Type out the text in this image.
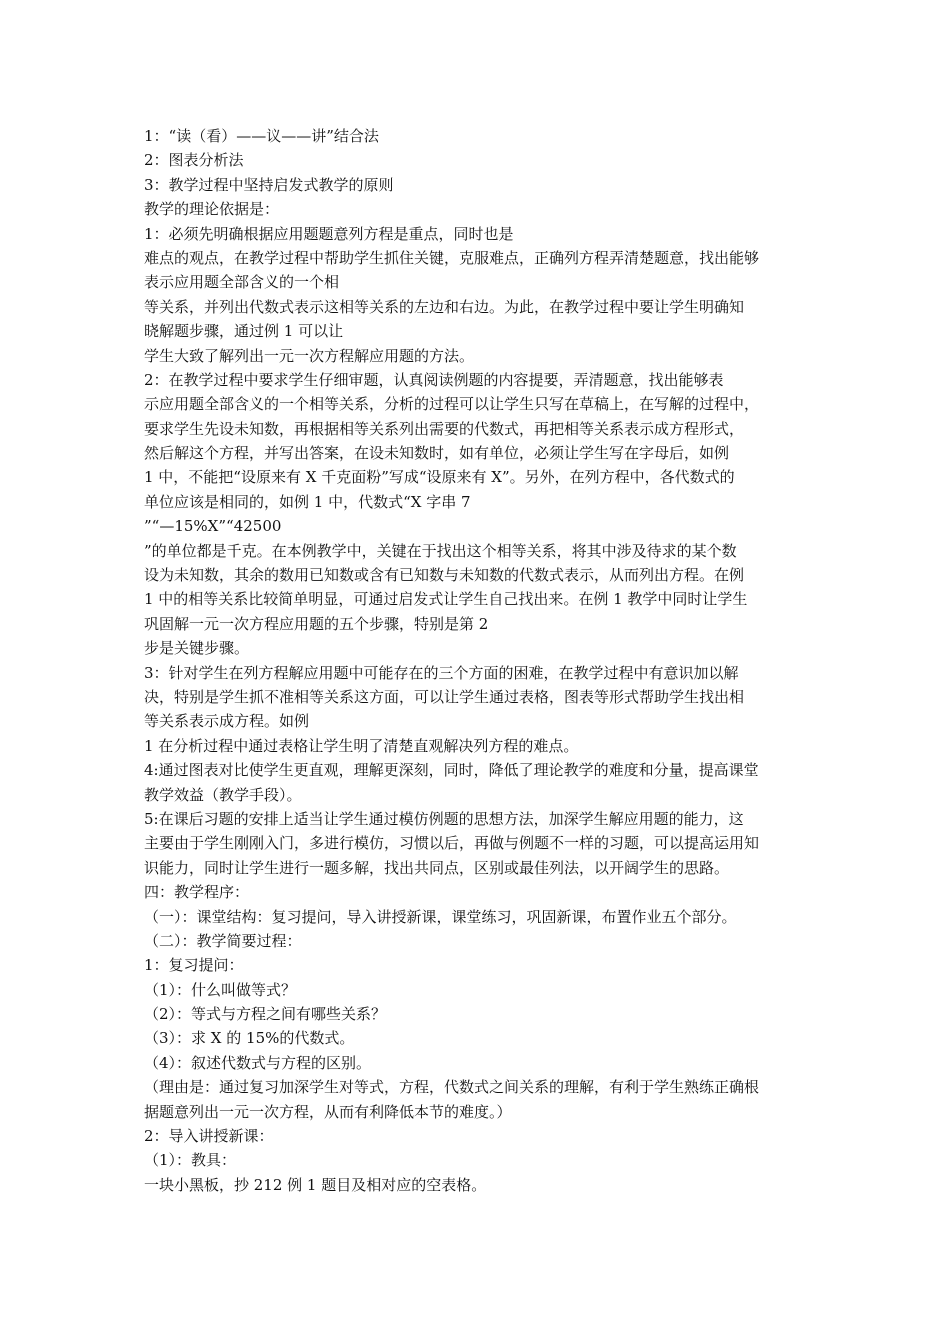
1：“读（看）——议——讲”结合法

2：图表分析法

3：教学过程中坚持启发式教学的原则

教学的理论依据是：

1：必须先明确根据应用题题意列方程是重点，同时也是

难点的观点，在教学过程中帮助学生抓住关键，克服难点，正确列方程弄清楚题意，找出能够

表示应用题全部含义的一个相

等关系，并列出代数式表示这相等关系的左边和右边。为此，在教学过程中要让学生明确知

晓解题步骤，通过例 1 可以让

学生大致了解列出一元一次方程解应用题的方法。

2：在教学过程中要求学生仔细审题，认真阅读例题的内容提要，弄清题意，找出能够表

示应用题全部含义的一个相等关系，分析的过程可以让学生只写在草稿上，在写解的过程中，

要求学生先设未知数，再根据相等关系列出需要的代数式，再把相等关系表示成方程形式，

然后解这个方程，并写出答案，在设未知数时，如有单位，必须让学生写在字母后，如例

1 中，不能把“设原来有 X 千克面粉”写成“设原来有 X”。另外，在列方程中，各代数式的

单位应该是相同的，如例 1 中，代数式“X 字串 7

”“—15%X”“42500

”的单位都是千克。在本例教学中，关键在于找出这个相等关系，将其中涉及待求的某个数

设为未知数，其余的数用已知数或含有已知数与未知数的代数式表示，从而列出方程。在例

1 中的相等关系比较简单明显，可通过启发式让学生自己找出来。在例 1 教学中同时让学生

巩固解一元一次方程应用题的五个步骤，特别是第 2

步是关键步骤。

3：针对学生在列方程解应用题中可能存在的三个方面的困难，在教学过程中有意识加以解

决，特别是学生抓不准相等关系这方面，可以让学生通过表格，图表等形式帮助学生找出相

等关系表示成方程。如例

1 在分析过程中通过表格让学生明了清楚直观解决列方程的难点。

4:通过图表对比使学生更直观，理解更深刻，同时，降低了理论教学的难度和分量，提高课堂

教学效益（教学手段）。

5:在课后习题的安排上适当让学生通过模仿例题的思想方法，加深学生解应用题的能力，这

主要由于学生刚刚入门，多进行模仿，习惯以后，再做与例题不一样的习题，可以提高运用知

识能力，同时让学生进行一题多解，找出共同点，区别或最佳列法，以开阔学生的思路。

四：教学程序：

（一）：课堂结构：复习提问，导入讲授新课，课堂练习，巩固新课，布置作业五个部分。

（二）：教学简要过程：

1：复习提问：

（1）：什么叫做等式？

（2）：等式与方程之间有哪些关系？

（3）：求 X 的 15%的代数式。

（4）：叙述代数式与方程的区别。

（理由是：通过复习加深学生对等式，方程，代数式之间关系的理解，有利于学生熟练正确根

据题意列出一元一次方程，从而有利降低本节的难度。）

2：导入讲授新课：

（1）：教具：

一块小黑板，抄 212 例 1 题目及相对应的空表格。
